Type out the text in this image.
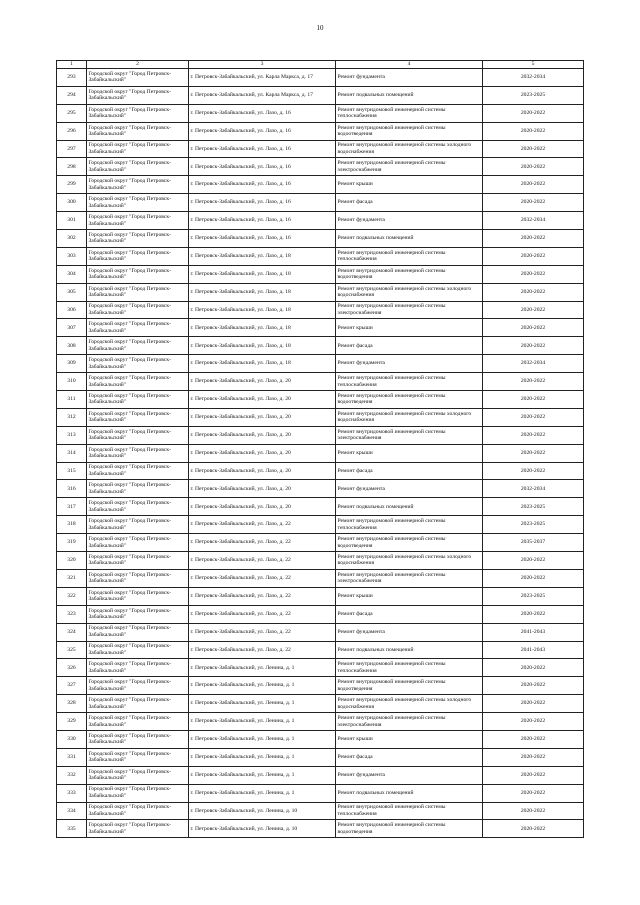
10
1	2	3	4	5
293	Городской округ "Город Петровск-Забайкальский"	г. Петровск-Забайкальский, ул. Карла Маркса, д. 17	Ремонт фундамента	2032-2034
294	Городской округ "Город Петровск-Забайкальский"	г. Петровск-Забайкальский, ул. Карла Маркса, д. 17	Ремонт подвальных помещений	2023-2025
295	Городской округ "Город Петровск-Забайкальский"	г. Петровск-Забайкальский, ул. Лазо, д. 16	Ремонт внутридомовой инженерной системы теплоснабжения	2020-2022
296	Городской округ "Город Петровск-Забайкальский"	г. Петровск-Забайкальский, ул. Лазо, д. 16	Ремонт внутридомовой инженерной системы водоотведения	2020-2022
297	Городской округ "Город Петровск-Забайкальский"	г. Петровск-Забайкальский, ул. Лазо, д. 16	Ремонт внутридомовой инженерной системы холодного водоснабжения	2020-2022
298	Городской округ "Город Петровск-Забайкальский"	г. Петровск-Забайкальский, ул. Лазо, д. 16	Ремонт внутридомовой инженерной системы электроснабжения	2020-2022
299	Городской округ "Город Петровск-Забайкальский"	г. Петровск-Забайкальский, ул. Лазо, д. 16	Ремонт крыши	2020-2022
300	Городской округ "Город Петровск-Забайкальский"	г. Петровск-Забайкальский, ул. Лазо, д. 16	Ремонт фасада	2020-2022
301	Городской округ "Город Петровск-Забайкальский"	г. Петровск-Забайкальский, ул. Лазо, д. 16	Ремонт фундамента	2032-2034
302	Городской округ "Город Петровск-Забайкальский"	г. Петровск-Забайкальский, ул. Лазо, д. 16	Ремонт подвальных помещений	2020-2022
303	Городской округ "Город Петровск-Забайкальский"	г. Петровск-Забайкальский, ул. Лазо, д. 18	Ремонт внутридомовой инженерной системы теплоснабжения	2020-2022
304	Городской округ "Город Петровск-Забайкальский"	г. Петровск-Забайкальский, ул. Лазо, д. 18	Ремонт внутридомовой инженерной системы водоотведения	2020-2022
305	Городской округ "Город Петровск-Забайкальский"	г. Петровск-Забайкальский, ул. Лазо, д. 18	Ремонт внутридомовой инженерной системы холодного водоснабжения	2020-2022
306	Городской округ "Город Петровск-Забайкальский"	г. Петровск-Забайкальский, ул. Лазо, д. 18	Ремонт внутридомовой инженерной системы электроснабжения	2020-2022
307	Городской округ "Город Петровск-Забайкальский"	г. Петровск-Забайкальский, ул. Лазо, д. 18	Ремонт крыши	2020-2022
308	Городской округ "Город Петровск-Забайкальский"	г. Петровск-Забайкальский, ул. Лазо, д. 18	Ремонт фасада	2020-2022
309	Городской округ "Город Петровск-Забайкальский"	г. Петровск-Забайкальский, ул. Лазо, д. 18	Ремонт фундамента	2032-2034
310	Городской округ "Город Петровск-Забайкальский"	г. Петровск-Забайкальский, ул. Лазо, д. 20	Ремонт внутридомовой инженерной системы теплоснабжения	2020-2022
311	Городской округ "Город Петровск-Забайкальский"	г. Петровск-Забайкальский, ул. Лазо, д. 20	Ремонт внутридомовой инженерной системы водоотведения	2020-2022
312	Городской округ "Город Петровск-Забайкальский"	г. Петровск-Забайкальский, ул. Лазо, д. 20	Ремонт внутридомовой инженерной системы холодного водоснабжения	2020-2022
313	Городской округ "Город Петровск-Забайкальский"	г. Петровск-Забайкальский, ул. Лазо, д. 20	Ремонт внутридомовой инженерной системы электроснабжения	2020-2022
314	Городской округ "Город Петровск-Забайкальский"	г. Петровск-Забайкальский, ул. Лазо, д. 20	Ремонт крыши	2020-2022
315	Городской округ "Город Петровск-Забайкальский"	г. Петровск-Забайкальский, ул. Лазо, д. 20	Ремонт фасада	2020-2022
316	Городской округ "Город Петровск-Забайкальский"	г. Петровск-Забайкальский, ул. Лазо, д. 20	Ремонт фундамента	2032-2034
317	Городской округ "Город Петровск-Забайкальский"	г. Петровск-Забайкальский, ул. Лазо, д. 20	Ремонт подвальных помещений	2023-2025
318	Городской округ "Город Петровск-Забайкальский"	г. Петровск-Забайкальский, ул. Лазо, д. 22	Ремонт внутридомовой инженерной системы теплоснабжения	2023-2025
319	Городской округ "Город Петровск-Забайкальский"	г. Петровск-Забайкальский, ул. Лазо, д. 22	Ремонт внутридомовой инженерной системы водоотведения	2035-2037
320	Городской округ "Город Петровск-Забайкальский"	г. Петровск-Забайкальский, ул. Лазо, д. 22	Ремонт внутридомовой инженерной системы холодного водоснабжения	2020-2022
321	Городской округ "Город Петровск-Забайкальский"	г. Петровск-Забайкальский, ул. Лазо, д. 22	Ремонт внутридомовой инженерной системы электроснабжения	2020-2022
322	Городской округ "Город Петровск-Забайкальский"	г. Петровск-Забайкальский, ул. Лазо, д. 22	Ремонт крыши	2023-2025
323	Городской округ "Город Петровск-Забайкальский"	г. Петровск-Забайкальский, ул. Лазо, д. 22	Ремонт фасада	2020-2022
324	Городской округ "Город Петровск-Забайкальский"	г. Петровск-Забайкальский, ул. Лазо, д. 22	Ремонт фундамента	2041-2043
325	Городской округ "Город Петровск-Забайкальский"	г. Петровск-Забайкальский, ул. Лазо, д. 22	Ремонт подвальных помещений	2041-2043
326	Городской округ "Город Петровск-Забайкальский"	г. Петровск-Забайкальский, ул. Ленина, д. 1	Ремонт внутридомовой инженерной системы теплоснабжения	2020-2022
327	Городской округ "Город Петровск-Забайкальский"	г. Петровск-Забайкальский, ул. Ленина, д. 1	Ремонт внутридомовой инженерной системы водоотведения	2020-2022
328	Городской округ "Город Петровск-Забайкальский"	г. Петровск-Забайкальский, ул. Ленина, д. 1	Ремонт внутридомовой инженерной системы холодного водоснабжения	2020-2022
329	Городской округ "Город Петровск-Забайкальский"	г. Петровск-Забайкальский, ул. Ленина, д. 1	Ремонт внутридомовой инженерной системы электроснабжения	2020-2022
330	Городской округ "Город Петровск-Забайкальский"	г. Петровск-Забайкальский, ул. Ленина, д. 1	Ремонт крыши	2020-2022
331	Городской округ "Город Петровск-Забайкальский"	г. Петровск-Забайкальский, ул. Ленина, д. 1	Ремонт фасада	2020-2022
332	Городской округ "Город Петровск-Забайкальский"	г. Петровск-Забайкальский, ул. Ленина, д. 1	Ремонт фундамента	2020-2022
333	Городской округ "Город Петровск-Забайкальский"	г. Петровск-Забайкальский, ул. Ленина, д. 1	Ремонт подвальных помещений	2020-2022
334	Городской округ "Город Петровск-Забайкальский"	г. Петровск-Забайкальский, ул. Ленина, д. 10	Ремонт внутридомовой инженерной системы теплоснабжения	2020-2022
335	Городской округ "Город Петровск-Забайкальский"	г. Петровск-Забайкальский, ул. Ленина, д. 10	Ремонт внутридомовой инженерной системы водоотведения	2020-2022
